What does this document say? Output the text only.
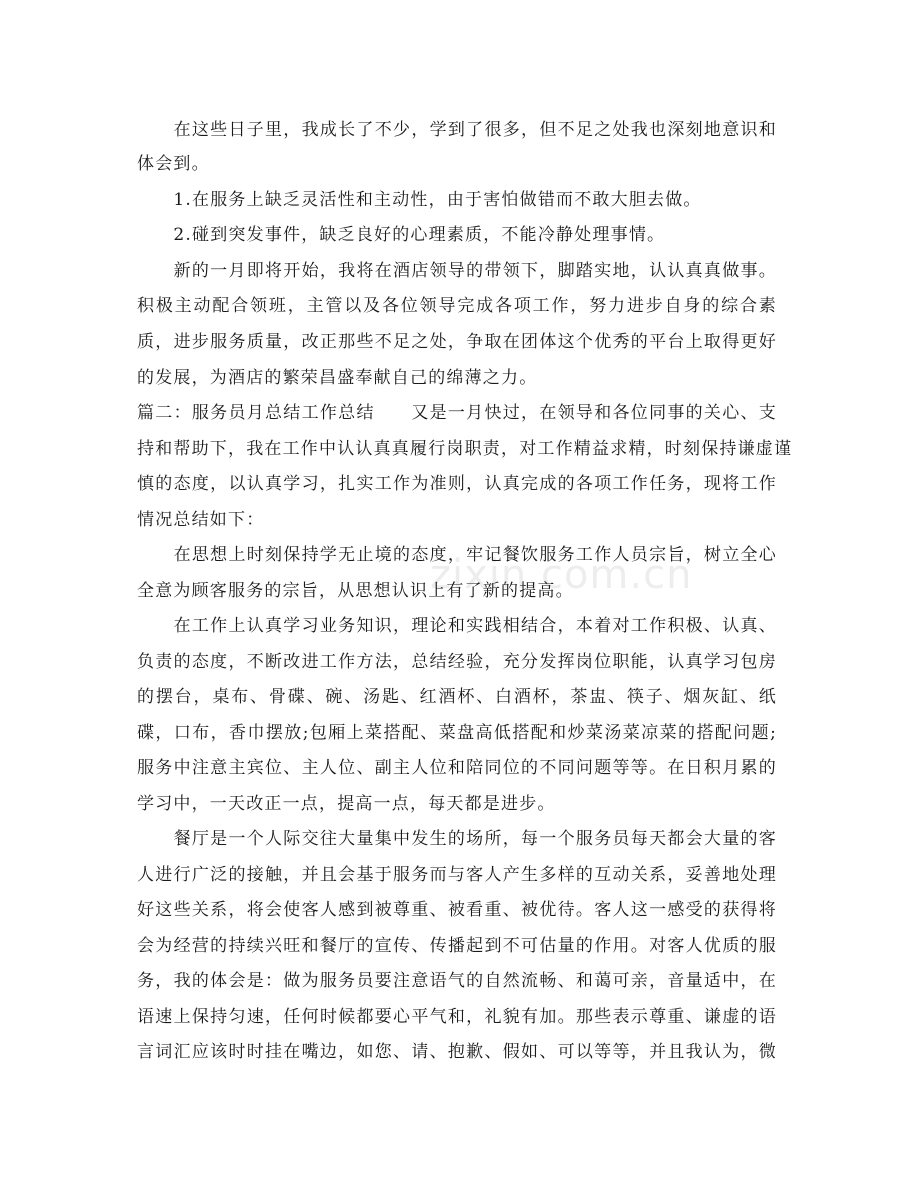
zixin.com.cn
　　在这些日子里，我成长了不少，学到了很多，但不足之处我也深刻地意识和
体会到。
　　1.在服务上缺乏灵活性和主动性，由于害怕做错而不敢大胆去做。
　　2.碰到突发事件，缺乏良好的心理素质，不能冷静处理事情。
　　新的一月即将开始，我将在酒店领导的带领下，脚踏实地，认认真真做事。
积极主动配合领班，主管以及各位领导完成各项工作，努力进步自身的综合素
质，进步服务质量，改正那些不足之处，争取在团体这个优秀的平台上取得更好
的发展，为酒店的繁荣昌盛奉献自己的绵薄之力。
篇二：服务员月总结工作总结　　又是一月快过，在领导和各位同事的关心、支
持和帮助下，我在工作中认认真真履行岗职责，对工作精益求精，时刻保持谦虚谨
慎的态度，以认真学习，扎实工作为准则，认真完成的各项工作任务，现将工作
情况总结如下：
　　在思想上时刻保持学无止境的态度，牢记餐饮服务工作人员宗旨，树立全心
全意为顾客服务的宗旨，从思想认识上有了新的提高。
　　在工作上认真学习业务知识，理论和实践相结合，本着对工作积极、认真、
负责的态度，不断改进工作方法，总结经验，充分发挥岗位职能，认真学习包房
的摆台，桌布、骨碟、碗、汤匙、红酒杯、白酒杯，茶盅、筷子、烟灰缸、纸
碟，口布，香巾摆放;包厢上菜搭配、菜盘高低搭配和炒菜汤菜凉菜的搭配问题;
服务中注意主宾位、主人位、副主人位和陪同位的不同问题等等。在日积月累的
学习中，一天改正一点，提高一点，每天都是进步。
　　餐厅是一个人际交往大量集中发生的场所，每一个服务员每天都会大量的客
人进行广泛的接触，并且会基于服务而与客人产生多样的互动关系，妥善地处理
好这些关系，将会使客人感到被尊重、被看重、被优待。客人这一感受的获得将
会为经营的持续兴旺和餐厅的宣传、传播起到不可估量的作用。对客人优质的服
务，我的体会是：做为服务员要注意语气的自然流畅、和蔼可亲，音量适中，在
语速上保持匀速，任何时候都要心平气和，礼貌有加。那些表示尊重、谦虚的语
言词汇应该时时挂在嘴边，如您、请、抱歉、假如、可以等等，并且我认为，微
